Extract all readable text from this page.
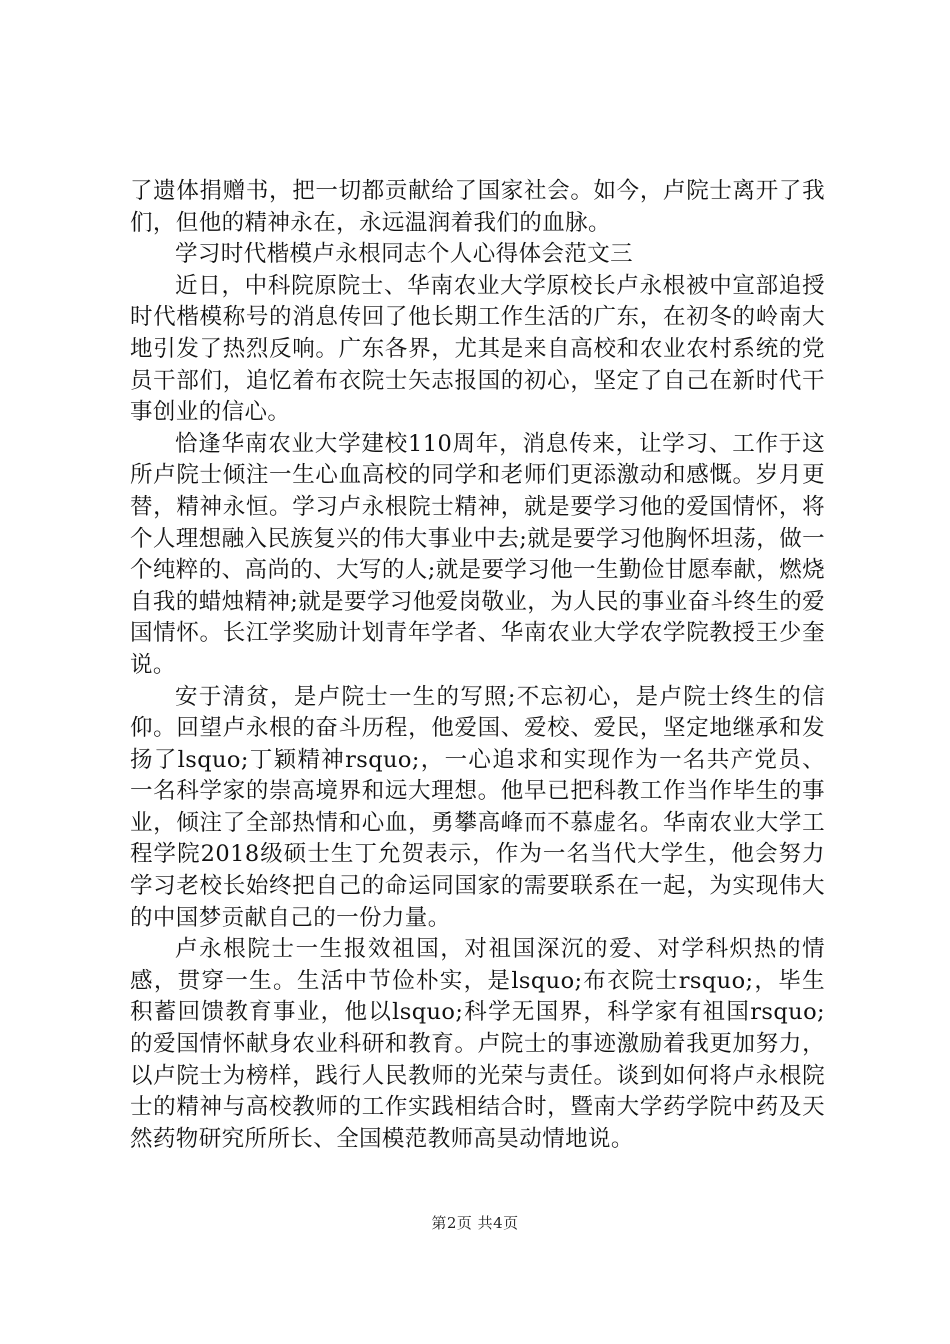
了遗体捐赠书，把一切都贡献给了国家社会。如今，卢院士离开了我们，但他的精神永在，永远温润着我们的血脉。

学习时代楷模卢永根同志个人心得体会范文三

近日，中科院原院士、华南农业大学原校长卢永根被中宣部追授时代楷模称号的消息传回了他长期工作生活的广东，在初冬的岭南大地引发了热烈反响。广东各界，尤其是来自高校和农业农村系统的党员干部们，追忆着布衣院士矢志报国的初心，坚定了自己在新时代干事创业的信心。

恰逢华南农业大学建校110周年，消息传来，让学习、工作于这所卢院士倾注一生心血高校的同学和老师们更添激动和感慨。岁月更替，精神永恒。学习卢永根院士精神，就是要学习他的爱国情怀，将个人理想融入民族复兴的伟大事业中去;就是要学习他胸怀坦荡，做一个纯粹的、高尚的、大写的人;就是要学习他一生勤俭甘愿奉献，燃烧自我的蜡烛精神;就是要学习他爱岗敬业，为人民的事业奋斗终生的爱国情怀。长江学奖励计划青年学者、华南农业大学农学院教授王少奎说。

安于清贫，是卢院士一生的写照;不忘初心，是卢院士终生的信仰。回望卢永根的奋斗历程，他爱国、爱校、爱民，坚定地继承和发扬了lsquo;丁颖精神rsquo;，一心追求和实现作为一名共产党员、一名科学家的崇高境界和远大理想。他早已把科教工作当作毕生的事业，倾注了全部热情和心血，勇攀高峰而不慕虚名。华南农业大学工程学院2018级硕士生丁允贺表示，作为一名当代大学生，他会努力学习老校长始终把自己的命运同国家的需要联系在一起，为实现伟大的中国梦贡献自己的一份力量。

卢永根院士一生报效祖国，对祖国深沉的爱、对学科炽热的情感，贯穿一生。生活中节俭朴实，是lsquo;布衣院士rsquo;，毕生积蓄回馈教育事业，他以lsquo;科学无国界，科学家有祖国rsquo;的爱国情怀献身农业科研和教育。卢院士的事迹激励着我更加努力，以卢院士为榜样，践行人民教师的光荣与责任。谈到如何将卢永根院士的精神与高校教师的工作实践相结合时，暨南大学药学院中药及天然药物研究所所长、全国模范教师高昊动情地说。

第2页 共4页
